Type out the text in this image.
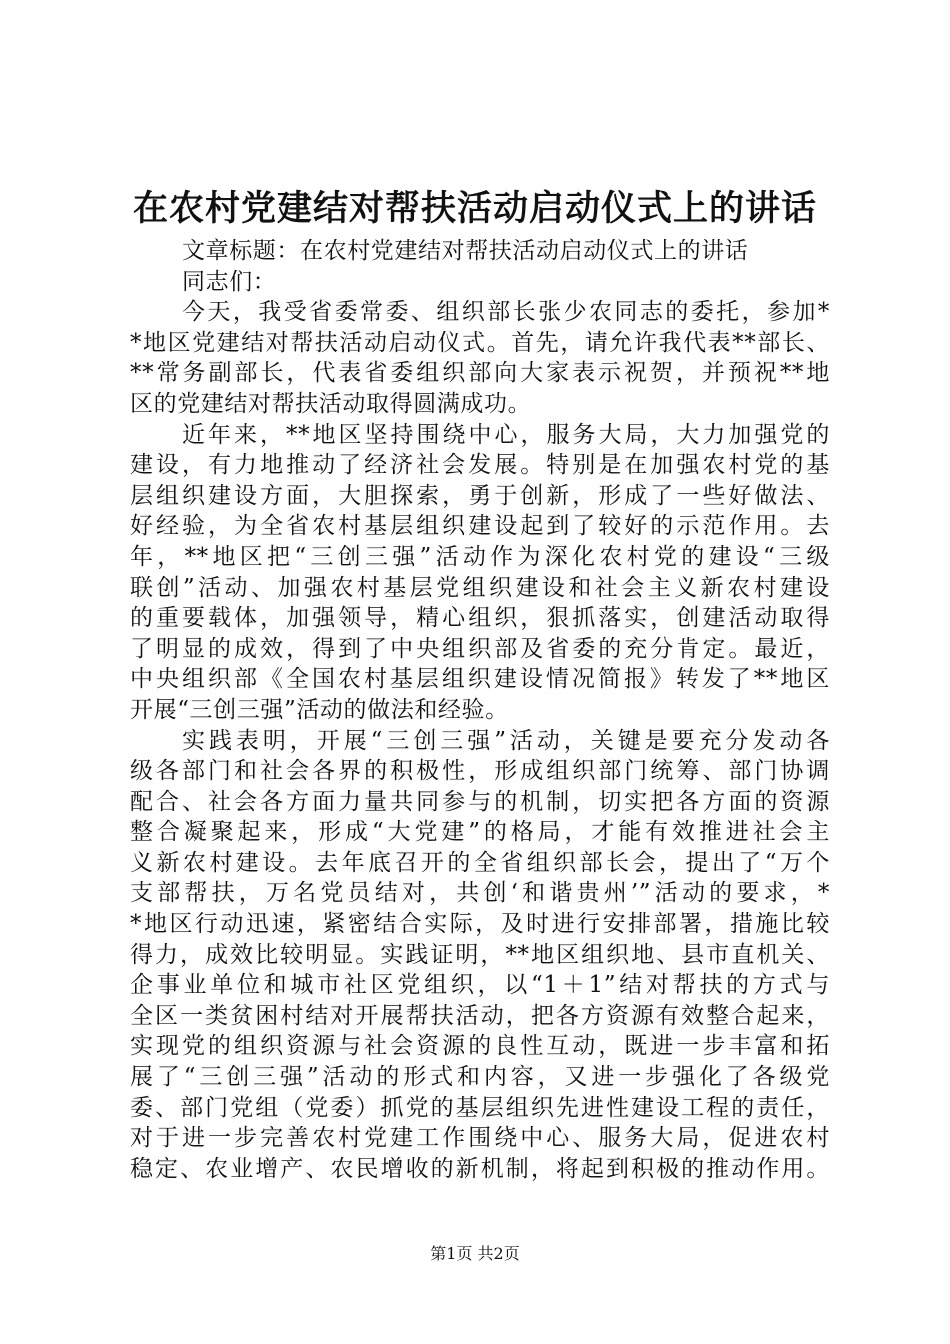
在农村党建结对帮扶活动启动仪式上的讲话
文章标题：在农村党建结对帮扶活动启动仪式上的讲话
同志们：
今天，我受省委常委、组织部长张少农同志的委托，参加*
*地区党建结对帮扶活动启动仪式。首先，请允许我代表**部长、
**常务副部长，代表省委组织部向大家表示祝贺，并预祝**地
区的党建结对帮扶活动取得圆满成功。
近年来，**地区坚持围绕中心，服务大局，大力加强党的
建设，有力地推动了经济社会发展。特别是在加强农村党的基
层组织建设方面，大胆探索，勇于创新，形成了一些好做法、
好经验，为全省农村基层组织建设起到了较好的示范作用。去
年，**地区把“三创三强”活动作为深化农村党的建设“三级
联创”活动、加强农村基层党组织建设和社会主义新农村建设
的重要载体，加强领导，精心组织，狠抓落实，创建活动取得
了明显的成效，得到了中央组织部及省委的充分肯定。最近，
中央组织部《全国农村基层组织建设情况简报》转发了**地区
开展“三创三强”活动的做法和经验。
实践表明，开展“三创三强”活动，关键是要充分发动各
级各部门和社会各界的积极性，形成组织部门统筹、部门协调
配合、社会各方面力量共同参与的机制，切实把各方面的资源
整合凝聚起来，形成“大党建”的格局，才能有效推进社会主
义新农村建设。去年底召开的全省组织部长会，提出了“万个
支部帮扶，万名党员结对，共创‘和谐贵州’”活动的要求，*
*地区行动迅速，紧密结合实际，及时进行安排部署，措施比较
得力，成效比较明显。实践证明，**地区组织地、县市直机关、
企事业单位和城市社区党组织，以“1＋1”结对帮扶的方式与
全区一类贫困村结对开展帮扶活动，把各方资源有效整合起来，
实现党的组织资源与社会资源的良性互动，既进一步丰富和拓
展了“三创三强”活动的形式和内容，又进一步强化了各级党
委、部门党组（党委）抓党的基层组织先进性建设工程的责任，
对于进一步完善农村党建工作围绕中心、服务大局，促进农村
稳定、农业增产、农民增收的新机制，将起到积极的推动作用。
第1页 共2页
